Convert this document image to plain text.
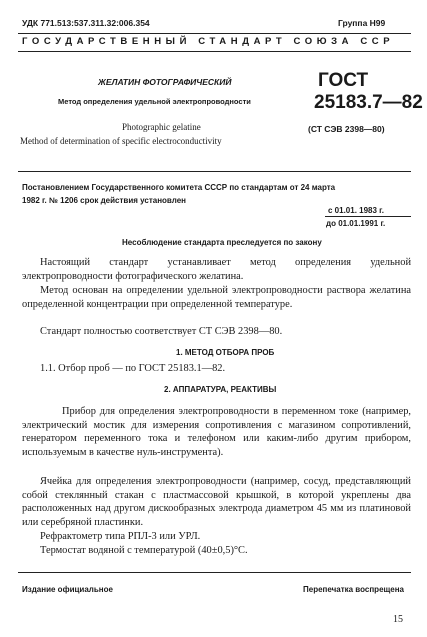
УДК 771.513:537.311.32:006.354	Группа Н99
ГОСУДАРСТВЕННЫЙ СТАНДАРТ СОЮЗА ССР
ЖЕЛАТИН ФОТОГРАФИЧЕСКИЙ
Метод определения удельной электропроводности
ГОСТ
25183.7—82
(СТ СЭВ 2398—80)
Photographic gelatine
Method of determination of specific electroconductivity
Постановлением Государственного комитета СССР по стандартам от 24 марта
1982 г. № 1206 срок действия установлен
с 01.01. 1983 г.
до 01.01.1991 г.
Несоблюдение стандарта преследуется по закону
Настоящий стандарт устанавливает метод определения удельной электропроводности фотографического желатина.
Метод основан на определении удельной электропроводности раствора желатина определенной концентрации при определенной температуре.
Стандарт полностью соответствует СТ СЭВ 2398—80.
1. МЕТОД ОТБОРА ПРОБ
1.1. Отбор проб — по ГОСТ 25183.1—82.
2. АППАРАТУРА, РЕАКТИВЫ
Прибор для определения электропроводности в переменном токе (например, электрический мостик для измерения сопротивления с магазином сопротивлений, генератором переменного тока и телефоном или каким-либо другим прибором, используемым в качестве нуль-инструмента).
Ячейка для определения электропроводности (например, сосуд, представляющий собой стеклянный стакан с пластмассовой крышкой, в которой укреплены два расположенных над другом дискообразных электрода диаметром 45 мм из платиновой или серебряной пластинки.
Рефрактометр типа РПЛ-3 или УРЛ.
Термостат водяной с температурой (40±0,5)°С.
Издание официальное	Перепечатка воспрещена
15
